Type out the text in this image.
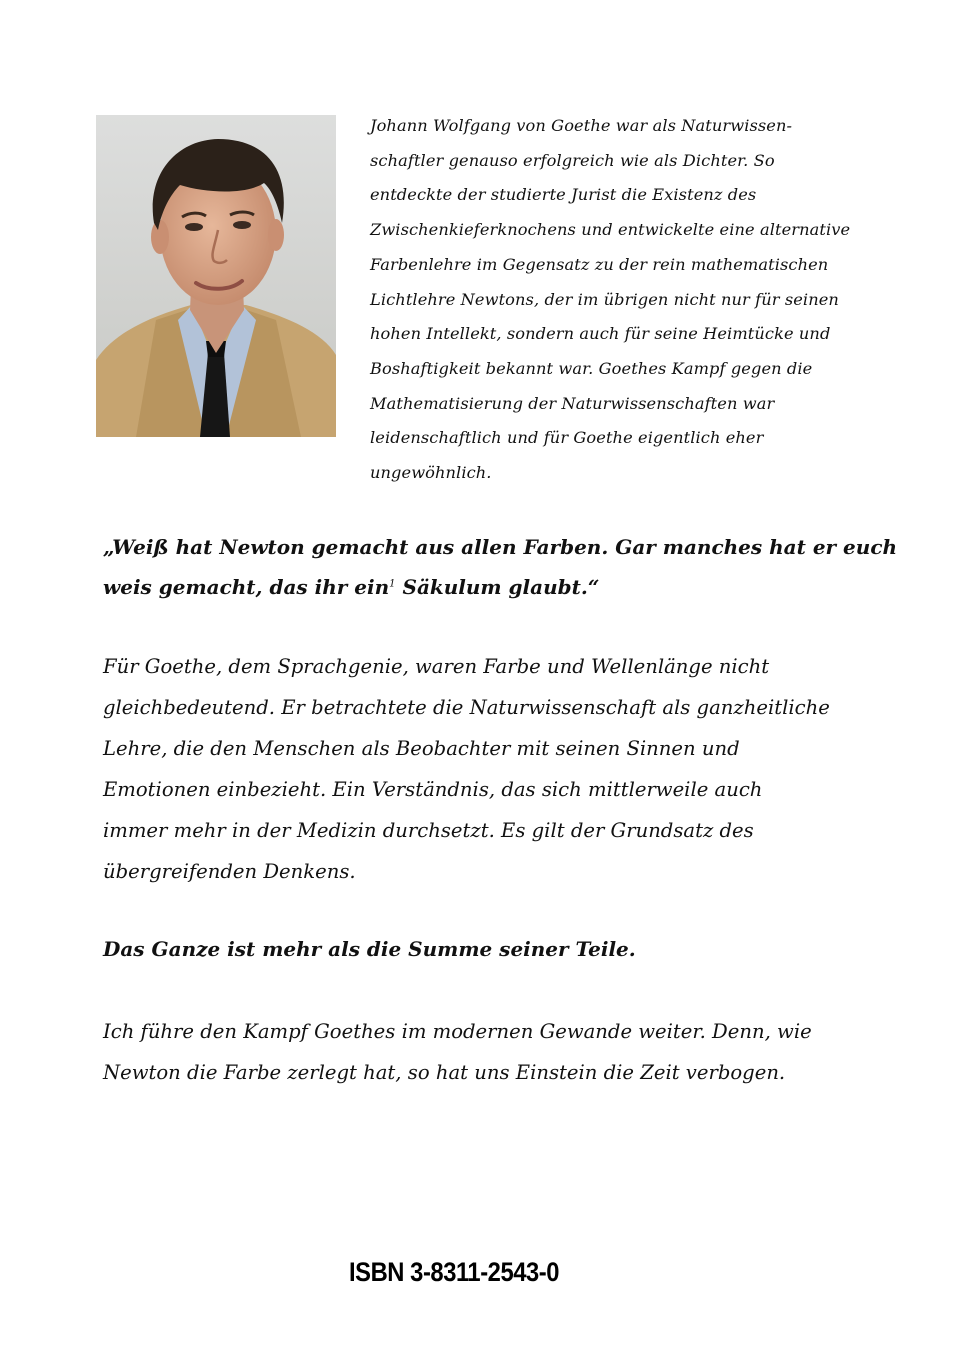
Johann Wolfgang von Goethe war als Naturwissen-
schaftler genauso erfolgreich wie als Dichter. So
entdeckte der studierte Jurist die Existenz des
Zwischenkieferknochens und entwickelte eine alternative
Farbenlehre im Gegensatz zu der rein mathematischen
Lichtlehre Newtons, der im übrigen nicht nur für seinen
hohen Intellekt, sondern auch für seine Heimtücke und
Boshaftigkeit bekannt war. Goethes Kampf gegen die
Mathematisierung der Naturwissenschaften war
leidenschaftlich und für Goethe eigentlich eher
ungewöhnlich.
„Weiß hat Newton gemacht aus allen Farben. Gar manches hat er euch
weis gemacht, das ihr ein$^1$ Säkulum glaubt.“
Für Goethe, dem Sprachgenie, waren Farbe und Wellenlänge nicht
gleichbedeutend. Er betrachtete die Naturwissenschaft als ganzheitliche
Lehre, die den Menschen als Beobachter mit seinen Sinnen und
Emotionen einbezieht. Ein Verständnis, das sich mittlerweile auch
immer mehr in der Medizin durchsetzt. Es gilt der Grundsatz des
übergreifenden Denkens.
Das Ganze ist mehr als die Summe seiner Teile.
Ich führe den Kampf Goethes im modernen Gewande weiter. Denn, wie
Newton die Farbe zerlegt hat, so hat uns Einstein die Zeit verbogen.
ISBN 3-8311-2543-0
